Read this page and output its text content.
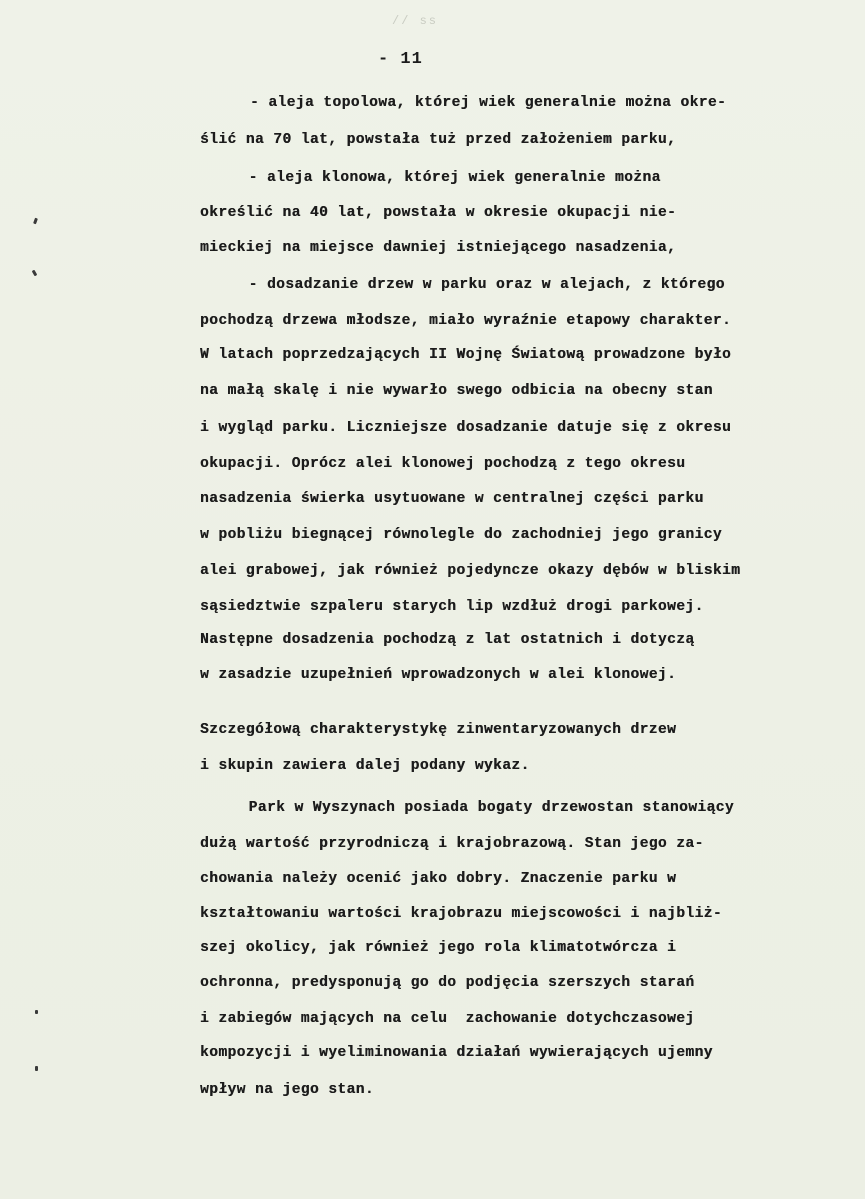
// ss
- 11
- aleja topolowa, której wiek generalnie można okre-
ślić na 70 lat, powstała tuż przed założeniem parku,
- aleja klonowa, której wiek generalnie można
określić na 40 lat, powstała w okresie okupacji nie-
mieckiej na miejsce dawniej istniejącego nasadzenia,
- dosadzanie drzew w parku oraz w alejach, z którego
pochodzą drzewa młodsze, miało wyraźnie etapowy charakter.
W latach poprzedzających II Wojnę Światową prowadzone było
na małą skalę i nie wywarło swego odbicia na obecny stan
i wygląd parku. Liczniejsze dosadzanie datuje się z okresu
okupacji. Oprócz alei klonowej pochodzą z tego okresu
nasadzenia świerka usytuowane w centralnej części parku
w pobliżu biegnącej równolegle do zachodniej jego granicy
alei grabowej, jak również pojedyncze okazy dębów w bliskim
sąsiedztwie szpaleru starych lip wzdłuż drogi parkowej.
Następne dosadzenia pochodzą z lat ostatnich i dotyczą
w zasadzie uzupełnień wprowadzonych w alei klonowej.
Szczegółową charakterystykę zinwentaryzowanych drzew
i skupin zawiera dalej podany wykaz.
Park w Wyszynach posiada bogaty drzewostan stanowiący
dużą wartość przyrodniczą i krajobrazową. Stan jego za-
chowania należy ocenić jako dobry. Znaczenie parku w
kształtowaniu wartości krajobrazu miejscowości i najbliż-
szej okolicy, jak również jego rola klimatotwórcza i
ochronna, predysponują go do podjęcia szerszych starań
i zabiegów mających na celu  zachowanie dotychczasowej
kompozycji i wyeliminowania działań wywierających ujemny
wpływ na jego stan.
